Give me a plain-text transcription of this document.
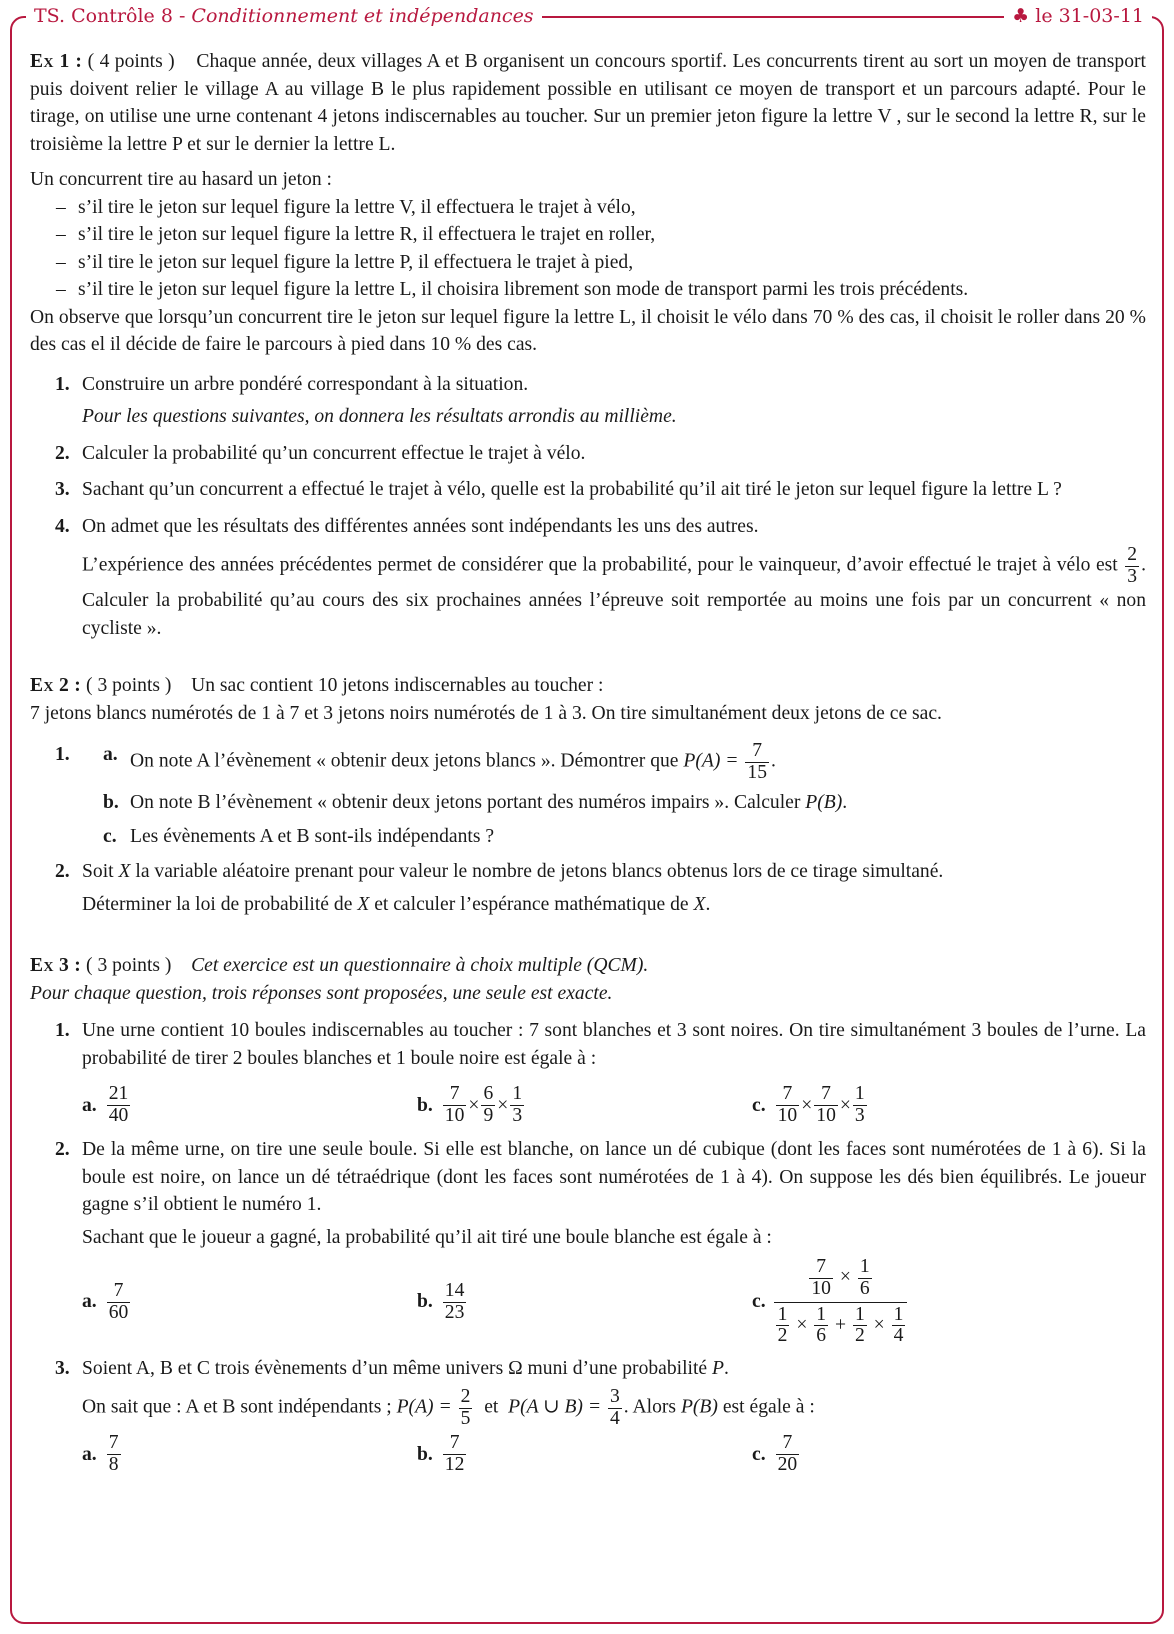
TS. Contrôle 8 - Conditionnement et indépendances	♣ le 31-03-11

Ex 1 : ( 4 points ) Chaque année, deux villages A et B organisent un concours sportif. Les concurrents tirent au sort un moyen de transport puis doivent relier le village A au village B le plus rapidement possible en utilisant ce moyen de transport et un parcours adapté. Pour le tirage, on utilise une urne contenant 4 jetons indiscernables au toucher. Sur un premier jeton figure la lettre V , sur le second la lettre R, sur le troisième la lettre P et sur le dernier la lettre L.

Un concurrent tire au hasard un jeton :

– s’il tire le jeton sur lequel figure la lettre V, il effectuera le trajet à vélo,
– s’il tire le jeton sur lequel figure la lettre R, il effectuera le trajet en roller,
– s’il tire le jeton sur lequel figure la lettre P, il effectuera le trajet à pied,
– s’il tire le jeton sur lequel figure la lettre L, il choisira librement son mode de transport parmi les trois précédents.

On observe que lorsqu’un concurrent tire le jeton sur lequel figure la lettre L, il choisit le vélo dans 70 % des cas, il choisit le roller dans 20 % des cas el il décide de faire le parcours à pied dans 10 % des cas.

1. Construire un arbre pondéré correspondant à la situation.

Pour les questions suivantes, on donnera les résultats arrondis au millième.

2. Calculer la probabilité qu’un concurrent effectue le trajet à vélo.

3. Sachant qu’un concurrent a effectué le trajet à vélo, quelle est la probabilité qu’il ait tiré le jeton sur lequel figure la lettre L ?

4. On admet que les résultats des différentes années sont indépendants les uns des autres.

L’expérience des années précédentes permet de considérer que la probabilité, pour le vainqueur, d’avoir effectué le trajet à vélo est $\frac{2}{3}$ . Calculer la probabilité qu’au cours des six prochaines années l’épreuve soit remportée au moins une fois par un concurrent « non cycliste ».

Ex 2 : ( 3 points ) Un sac contient 10 jetons indiscernables au toucher :

7 jetons blancs numérotés de 1 à 7 et 3 jetons noirs numérotés de 1 à 3. On tire simultanément deux jetons de ce sac.

1. a. On note A l’évènement « obtenir deux jetons blancs ». Démontrer que $P(A) = \frac{7}{15}$ .
b. On note B l’évènement « obtenir deux jetons portant des numéros impairs ». Calculer P(B).
c. Les évènements A et B sont-ils indépendants ?
2. Soit X la variable aléatoire prenant pour valeur le nombre de jetons blancs obtenus lors de ce tirage simultané.

Déterminer la loi de probabilité de X et calculer l’espérance mathématique de X.

Ex 3 : ( 3 points ) Cet exercice est un questionnaire à choix multiple (QCM).

Pour chaque question, trois réponses sont proposées, une seule est exacte.

1. Une urne contient 10 boules indiscernables au toucher : 7 sont blanches et 3 sont noires. On tire simultanément 3 boules de l’urne. La probabilité de tirer 2 boules blanches et 1 boule noire est égale à :

a. $\frac{21}{40}$	b. $\frac{7}{10} \times \frac{6}{9} \times \frac{1}{3}$	c. $\frac{7}{10} \times \frac{7}{10} \times \frac{1}{3}$
2. De la même urne, on tire une seule boule. Si elle est blanche, on lance un dé cubique (dont les faces sont numérotées de 1 à 6). Si la boule est noire, on lance un dé tétraédrique (dont les faces sont numérotées de 1 à 4). On suppose les dés bien équilibrés. Le joueur gagne s’il obtient le numéro 1.

Sachant que le joueur a gagné, la probabilité qu’il ait tiré une boule blanche est égale à :

a. $\frac{7}{60}$	b. $\frac{14}{23}$	c.
$\frac{7}{10} \times \frac{1}{6}$
$\frac{1}{2} \times \frac{1}{6} + \frac{1}{2} \times \frac{1}{4}$
3. Soient A, B et C trois évènements d’un même univers Ω muni d’une probabilité P.

On sait que : A et B sont indépendants ; $P(A) = \frac{2}{5}$ et P(A ∪ $B) = \frac{3}{4}$ . Alors P(B) est égale à :

a. $\frac{7}{8}$	b. $\frac{7}{12}$	c. $\frac{7}{20}$
